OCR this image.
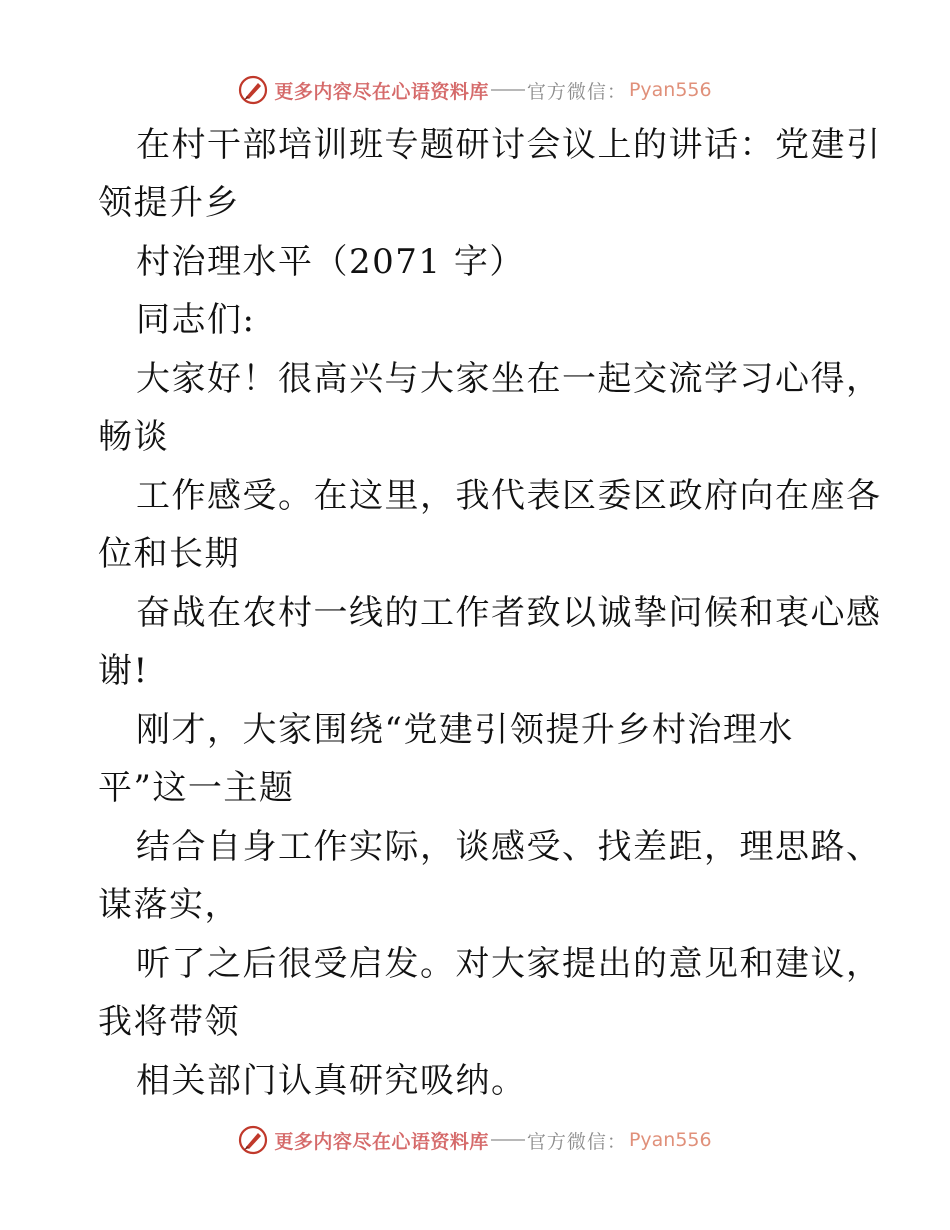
更多内容尽在心语资料库 官方微信： Pyan556
在村干部培训班专题研讨会议上的讲话：党建引
领提升乡
村治理水平（2071 字）
同志们:
大家好！很高兴与大家坐在一起交流学习心得，
畅谈
工作感受。在这里，我代表区委区政府向在座各
位和长期
奋战在农村一线的工作者致以诚挚问候和衷心感
谢!
刚才，大家围绕“党建引领提升乡村治理水
平”这一主题
结合自身工作实际，谈感受、找差距，理思路、
谋落实，
听了之后很受启发。对大家提出的意见和建议，
我将带领
相关部门认真研究吸纳。
更多内容尽在心语资料库 官方微信： Pyan556
